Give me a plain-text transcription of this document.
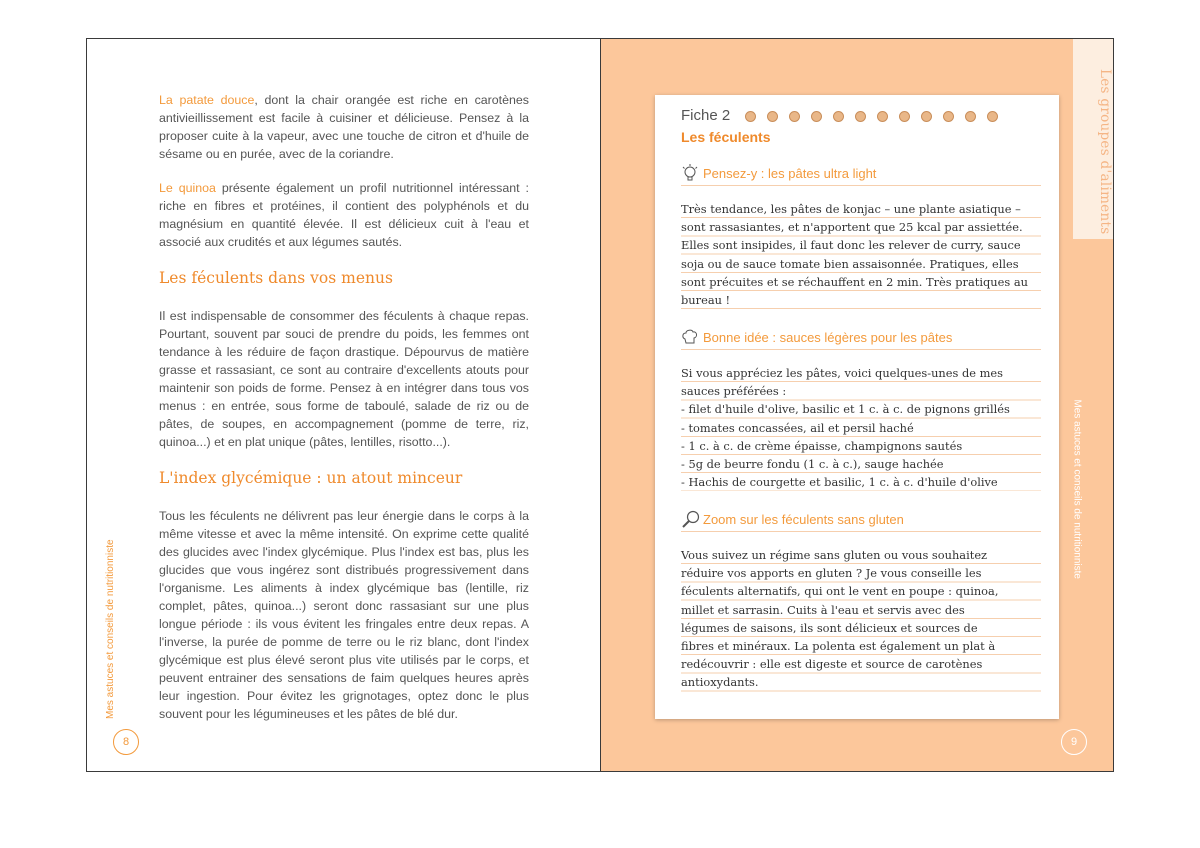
La patate douce, dont la chair orangée est riche en carotènes antivieillissement est facile à cuisiner et délicieuse. Pensez à la proposer cuite à la vapeur, avec une touche de citron et d'huile de sésame ou en purée, avec de la coriandre.

Le quinoa présente également un profil nutritionnel intéressant : riche en fibres et protéines, il contient des polyphénols et du magnésium en quantité élevée. Il est délicieux cuit à l'eau et associé aux crudités et aux légumes sautés.

Les féculents dans vos menus

Il est indispensable de consommer des féculents à chaque repas. Pourtant, souvent par souci de prendre du poids, les femmes ont tendance à les réduire de façon drastique. Dépourvus de matière grasse et rassasiant, ce sont au contraire d'excellents atouts pour maintenir son poids de forme. Pensez à en intégrer dans tous vos menus : en entrée, sous forme de taboulé, salade de riz ou de pâtes, de soupes, en accompagnement (pomme de terre, riz, quinoa...) et en plat unique (pâtes, lentilles, risotto...).

L'index glycémique : un atout minceur

Tous les féculents ne délivrent pas leur énergie dans le corps à la même vitesse et avec la même intensité. On exprime cette qualité des glucides avec l'index glycémique. Plus l'index est bas, plus les glucides que vous ingérez sont distribués progressivement dans l'organisme. Les aliments à index glycémique bas (lentille, riz complet, pâtes, quinoa...) seront donc rassasiant sur une plus longue période : ils vous évitent les fringales entre deux repas. A l'inverse, la purée de pomme de terre ou le riz blanc, dont l'index glycémique est plus élevé seront plus vite utilisés par le corps, et peuvent entrainer des sensations de faim quelques heures après leur ingestion. Pour évitez les grignotages, optez donc le plus souvent pour les légumineuses et les pâtes de blé dur.

Mes astuces et conseils de nutritionniste
8
Les groupes d'aliments
Mes astuces et conseils de nutritionniste
9
Fiche 2
Les féculents
Pensez-y : les pâtes ultra light
Très tendance, les pâtes de konjac – une plante asiatique –
sont rassasiantes, et n'apportent que 25 kcal par assiettée.
Elles sont insipides, il faut donc les relever de curry, sauce
soja ou de sauce tomate bien assaisonnée. Pratiques, elles
sont précuites et se réchauffent en 2 min. Très pratiques au
bureau !
Bonne idée : sauces légères pour les pâtes
Si vous appréciez les pâtes, voici quelques-unes de mes
sauces préférées :
- filet d'huile d'olive, basilic et 1 c. à c. de pignons grillés
- tomates concassées, ail et persil haché
- 1 c. à c. de crème épaisse, champignons sautés
- 5g de beurre fondu (1 c. à c.), sauge hachée
- Hachis de courgette et basilic, 1 c. à c. d'huile d'olive
Zoom sur les féculents sans gluten
Vous suivez un régime sans gluten ou vous souhaitez
réduire vos apports en gluten ? Je vous conseille les
féculents alternatifs, qui ont le vent en poupe : quinoa,
millet et sarrasin. Cuits à l'eau et servis avec des
légumes de saisons, ils sont délicieux et sources de
fibres et minéraux. La polenta est également un plat à
redécouvrir : elle est digeste et source de carotènes
antioxydants.
